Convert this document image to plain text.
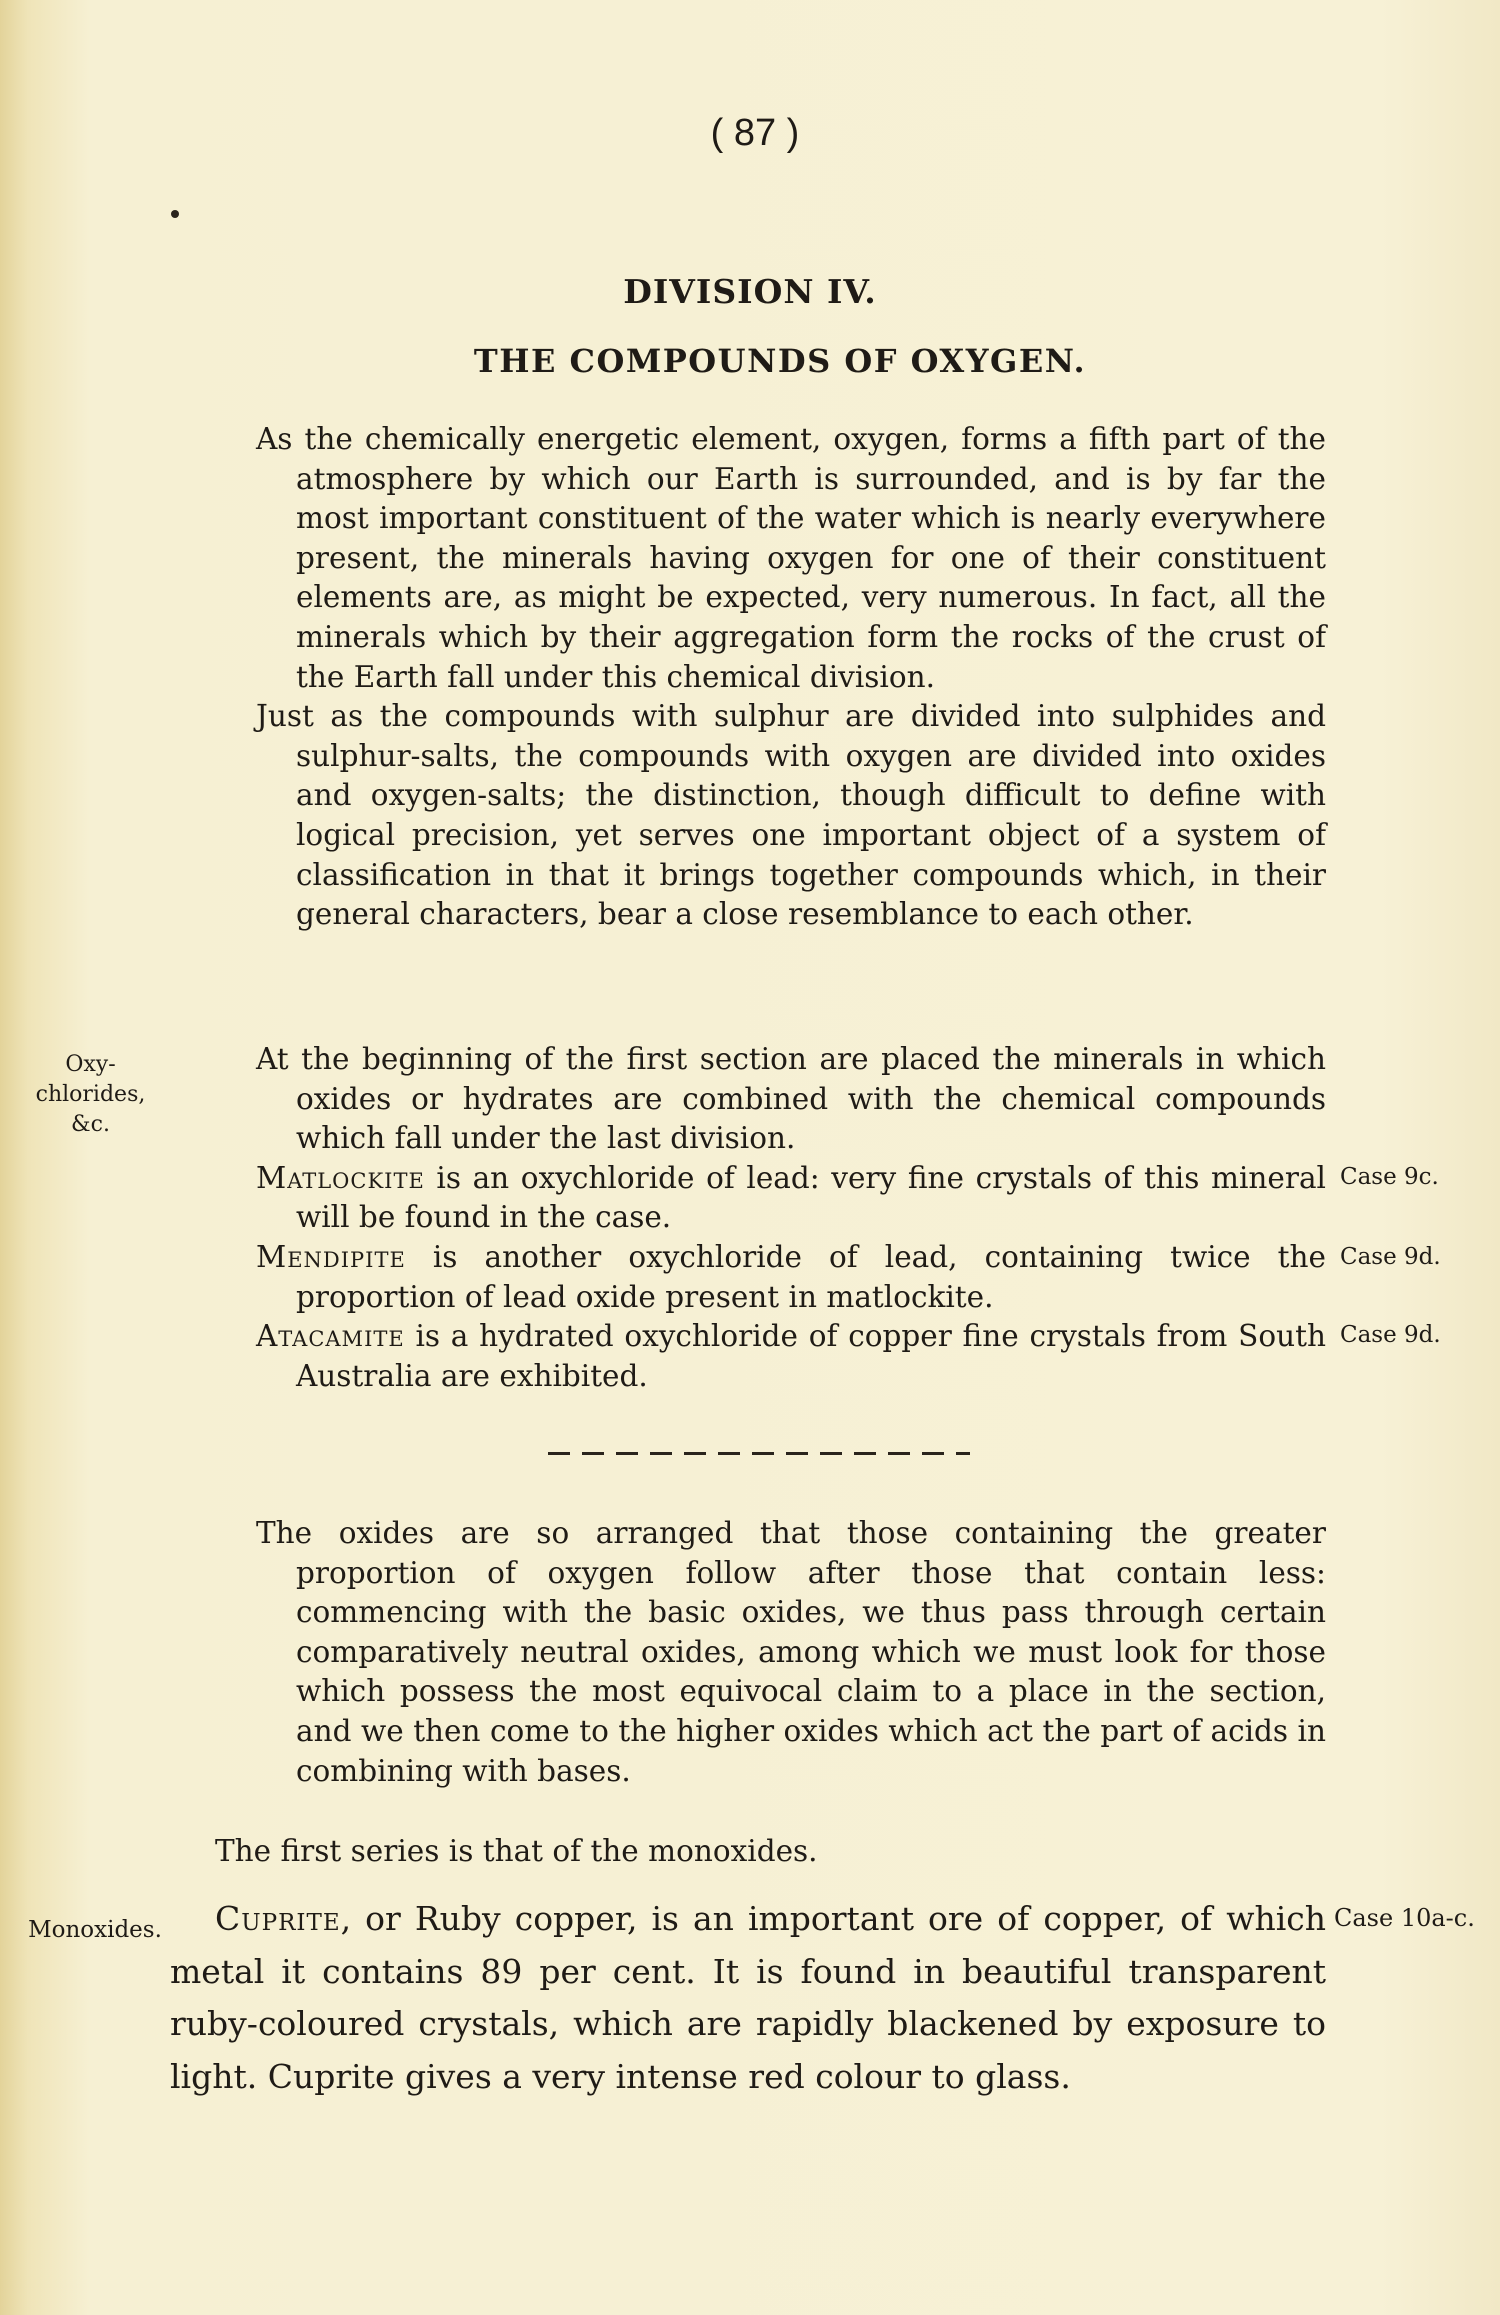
( 87 )
DIVISION IV.
THE COMPOUNDS OF OXYGEN.

As the chemically energetic element, oxygen, forms a fifth part of the atmosphere by which our Earth is surrounded, and is by far the most important constituent of the water which is nearly everywhere present, the minerals having oxygen for one of their constituent elements are, as might be expected, very numerous. In fact, all the minerals which by their aggregation form the rocks of the crust of the Earth fall under this chemical division.

Just as the compounds with sulphur are divided into sulphides and sulphur-salts, the compounds with oxygen are divided into oxides and oxygen-salts; the distinction, though difficult to define with logical precision, yet serves one important object of a system of classification in that it brings together compounds which, in their general characters, bear a close resemblance to each other.

Oxy-
chlorides,
&c.

At the beginning of the first section are placed the minerals in which oxides or hydrates are combined with the chemical compounds which fall under the last division.

Matlockite is an oxychloride of lead: very fine crystals of this mineral will be found in the case.

Mendipite is another oxychloride of lead, containing twice the proportion of lead oxide present in matlockite.

Atacamite is a hydrated oxychloride of copper fine crystals from South Australia are exhibited.

Case 9c.
Case 9d.
Case 9d.

The oxides are so arranged that those containing the greater proportion of oxygen follow after those that contain less: commencing with the basic oxides, we thus pass through certain comparatively neutral oxides, among which we must look for those which possess the most equivocal claim to a place in the section, and we then come to the higher oxides which act the part of acids in combining with bases.

The first series is that of the monoxides.

Monoxides.	Case 10a-c.

Cuprite, or Ruby copper, is an important ore of copper, of which metal it contains 89 per cent. It is found in beautiful transparent ruby-coloured crystals, which are rapidly blackened by exposure to light. Cuprite gives a very intense red colour to glass.
